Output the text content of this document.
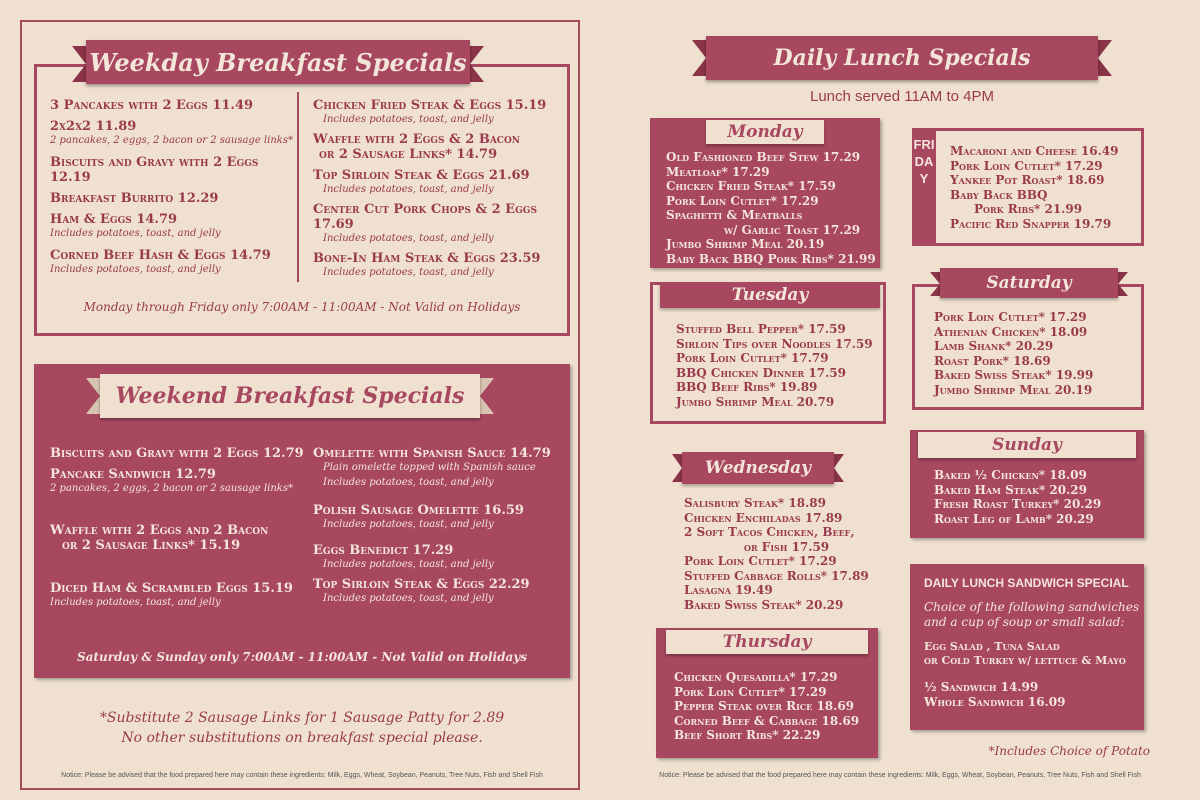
Weekday Breakfast Specials
3 Pancakes with 2 Eggs 11.49
2x2x2 11.89
2 pancakes, 2 eggs, 2 bacon or 2 sausage links*
Biscuits and Gravy with 2 Eggs 12.19
Breakfast Burrito 12.29
Ham & Eggs 14.79
Includes potatoes, toast, and jelly
Corned Beef Hash & Eggs 14.79
Includes potatoes, toast, and jelly
Chicken Fried Steak & Eggs 15.19
Includes potatoes, toast, and jelly
Waffle with 2 Eggs & 2 Bacon
or 2 Sausage Links* 14.79
Top Sirloin Steak & Eggs 21.69
Includes potatoes, toast, and jelly
Center Cut Pork Chops & 2 Eggs 17.69
Includes potatoes, toast, and jelly
Bone-In Ham Steak & Eggs 23.59
Includes potatoes, toast, and jelly
Monday through Friday only 7:00AM - 11:00AM - Not Valid on Holidays
Weekend Breakfast Specials
Biscuits and Gravy with 2 Eggs 12.79
Pancake Sandwich 12.79
2 pancakes, 2 eggs, 2 bacon or 2 sausage links*
Waffle with 2 Eggs and 2 Bacon
or 2 Sausage Links* 15.19
Diced Ham & Scrambled Eggs 15.19
Includes potatoes, toast, and jelly
Omelette with Spanish Sauce 14.79
Plain omelette topped with Spanish sauce
Includes potatoes, toast, and jelly
Polish Sausage Omelette 16.59
Includes potatoes, toast, and jelly
Eggs Benedict 17.29
Includes potatoes, toast, and jelly
Top Sirloin Steak & Eggs 22.29
Includes potatoes, toast, and jelly
Saturday & Sunday only 7:00AM - 11:00AM - Not Valid on Holidays
*Substitute 2 Sausage Links for 1 Sausage Patty for 2.89
No other substitutions on breakfast special please.
Notice: Please be advised that the food prepared here may contain these ingredients: Milk, Eggs, Wheat, Soybean, Peanuts, Tree Nuts, Fish and Shell Fish
Daily Lunch Specials
Lunch served 11AM to 4PM
Monday
Old Fashioned Beef Stew 17.29
Meatloaf* 17.29
Chicken Fried Steak* 17.59
Pork Loin Cutlet* 17.29
Spaghetti & Meatballs
w/ Garlic Toast 17.29
Jumbo Shrimp Meal 20.19
Baby Back BBQ Pork Ribs* 21.99
Tuesday
Stuffed Bell Pepper* 17.59
Sirloin Tips over Noodles 17.59
Pork Loin Cutlet* 17.79
BBQ Chicken Dinner 17.59
BBQ Beef Ribs* 19.89
Jumbo Shrimp Meal 20.79
Wednesday
Salisbury Steak* 18.89
Chicken Enchiladas 17.89
2 Soft Tacos Chicken, Beef,
or Fish 17.59
Pork Loin Cutlet* 17.29
Stuffed Cabbage Rolls* 17.89
Lasagna 19.49
Baked Swiss Steak* 20.29
Thursday
Chicken Quesadilla* 17.29
Pork Loin Cutlet* 17.29
Pepper Steak over Rice 18.69
Corned Beef & Cabbage 18.69
Beef Short Ribs* 22.29
FRIDAY
Macaroni and Cheese 16.49
Pork Loin Cutlet* 17.29
Yankee Pot Roast* 18.69
Baby Back BBQ
Pork Ribs* 21.99
Pacific Red Snapper 19.79
Saturday
Pork Loin Cutlet* 17.29
Athenian Chicken* 18.09
Lamb Shank* 20.29
Roast Pork* 18.69
Baked Swiss Steak* 19.99
Jumbo Shrimp Meal 20.19
Sunday
Baked ½ Chicken* 18.09
Baked Ham Steak* 20.29
Fresh Roast Turkey* 20.29
Roast Leg of Lamb* 20.29
DAILY LUNCH SANDWICH SPECIAL
Choice of the following sandwiches
and a cup of soup or small salad:
Egg Salad , Tuna Salad
or Cold Turkey w/ lettuce & Mayo
½ Sandwich 14.99
Whole Sandwich 16.09
*Includes Choice of Potato
Notice: Please be advised that the food prepared here may contain these ingredients: Milk, Eggs, Wheat, Soybean, Peanuts, Tree Nuts, Fish and Shell Fish
